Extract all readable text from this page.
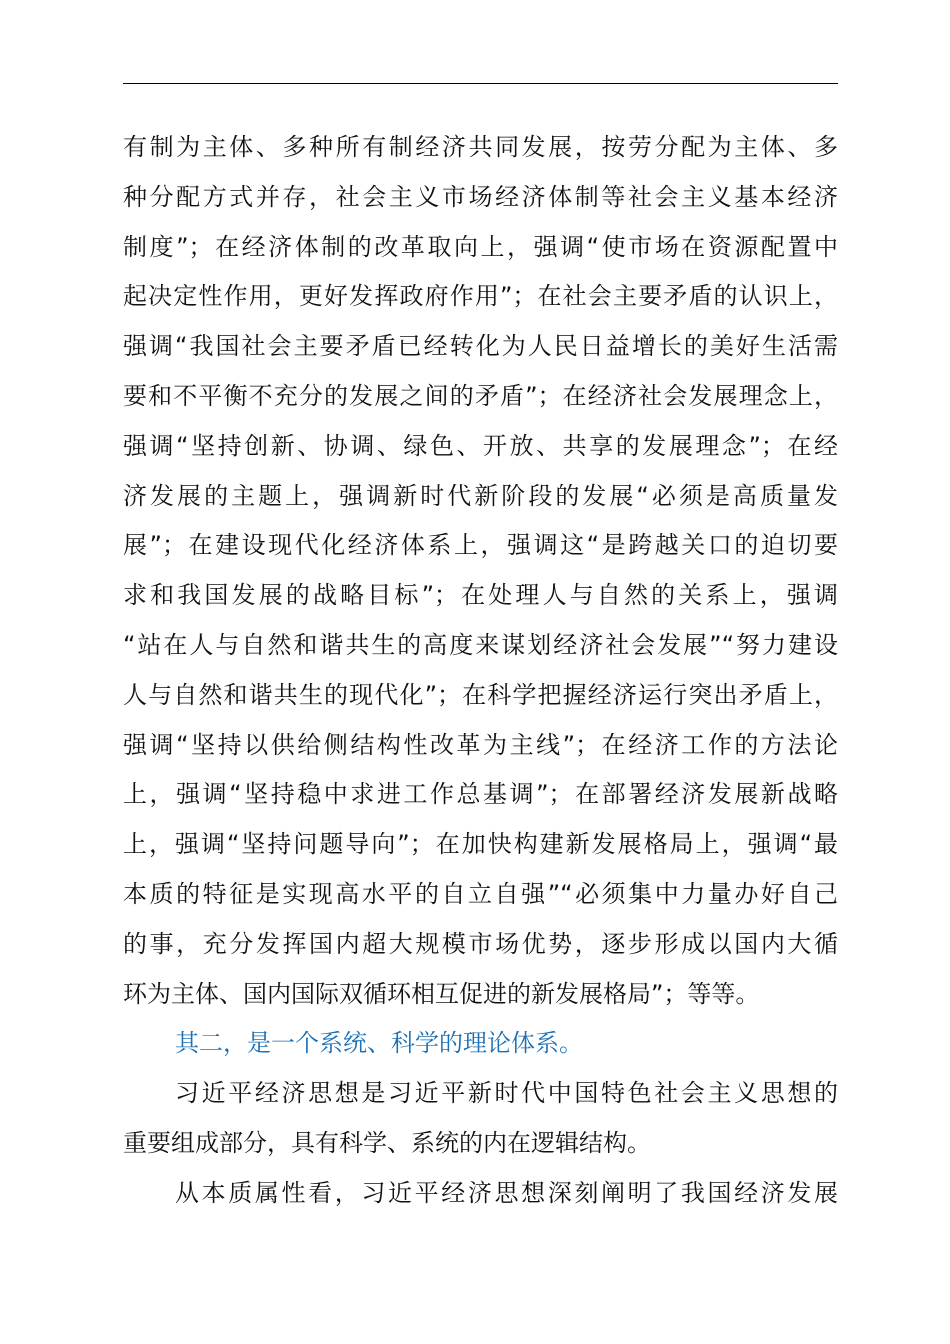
有制为主体、多种所有制经济共同发展，按劳分配为主体、多
种分配方式并存，社会主义市场经济体制等社会主义基本经济
制度”；在经济体制的改革取向上，强调“使市场在资源配置中
起决定性作用，更好发挥政府作用”；在社会主要矛盾的认识上，
强调“我国社会主要矛盾已经转化为人民日益增长的美好生活需
要和不平衡不充分的发展之间的矛盾”；在经济社会发展理念上，
强调“坚持创新、协调、绿色、开放、共享的发展理念”；在经
济发展的主题上，强调新时代新阶段的发展“必须是高质量发
展”；在建设现代化经济体系上，强调这“是跨越关口的迫切要
求和我国发展的战略目标”；在处理人与自然的关系上，强调
“站在人与自然和谐共生的高度来谋划经济社会发展”“努力建设
人与自然和谐共生的现代化”；在科学把握经济运行突出矛盾上，
强调“坚持以供给侧结构性改革为主线”；在经济工作的方法论
上，强调“坚持稳中求进工作总基调”；在部署经济发展新战略
上，强调“坚持问题导向”；在加快构建新发展格局上，强调“最
本质的特征是实现高水平的自立自强”“必须集中力量办好自己
的事，充分发挥国内超大规模市场优势，逐步形成以国内大循
环为主体、国内国际双循环相互促进的新发展格局”；等等。
其二，是一个系统、科学的理论体系。
习近平经济思想是习近平新时代中国特色社会主义思想的
重要组成部分，具有科学、系统的内在逻辑结构。
从本质属性看，习近平经济思想深刻阐明了我国经济发展
